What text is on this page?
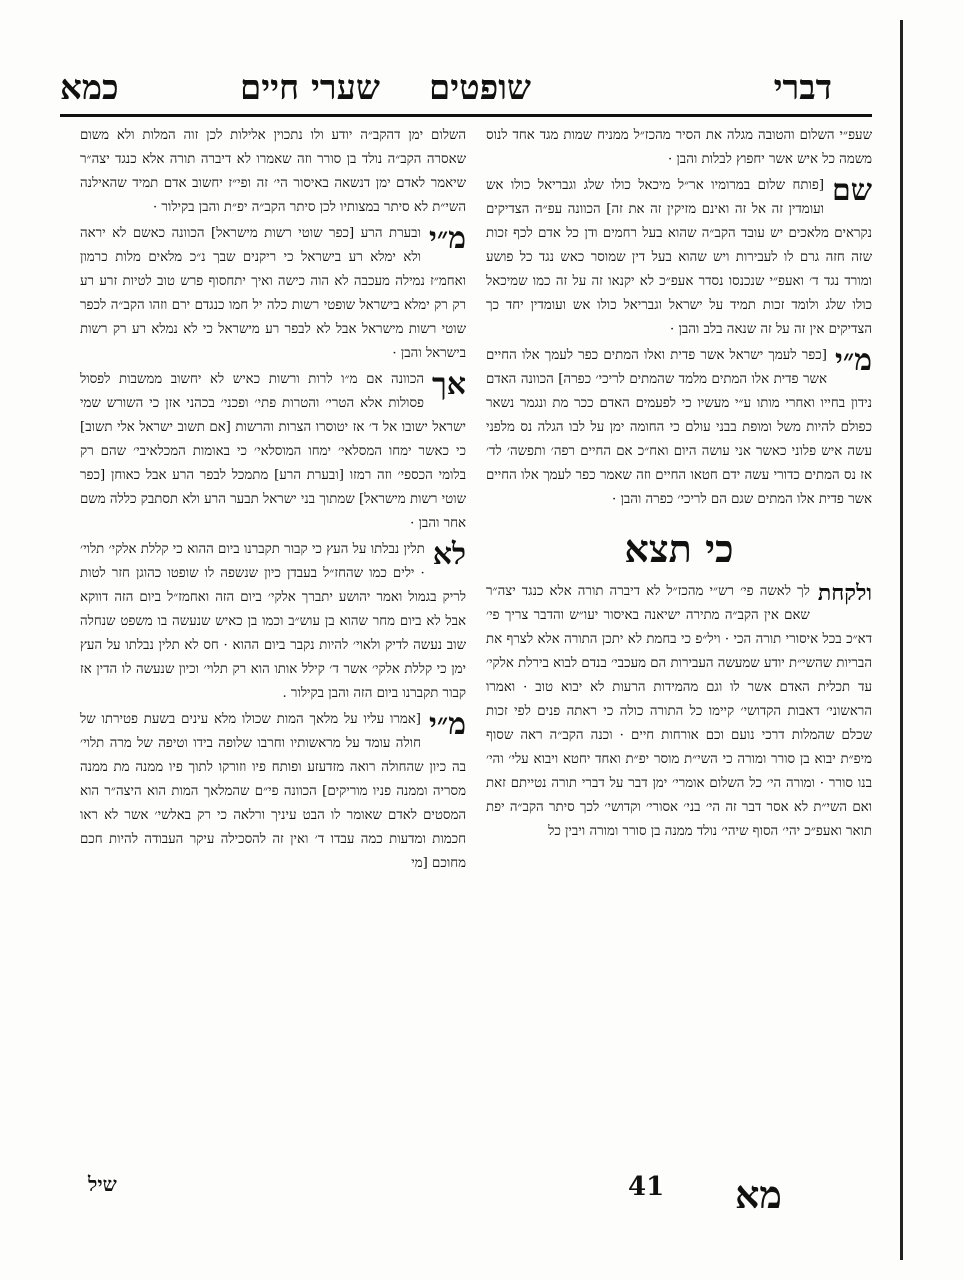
דברי
שופטים
שערי חיים
כמא

שעפ״י השלום והטובה מגלה את הסיר מהכז״ל ממניח שמות מגד אחד לנוס משמה כל איש אשר יחפוץ לבלות והבן ·

שם
[פותח שלום במרומיו אר״ל מיכאל כולו שלג וגבריאל כולו אש ועומדין זה אל זה ואינם מזיקין זה את זה] הכוונה עפ״ה הצדיקים נקראים מלאכים יש עובד הקב״ה שהוא בעל רחמים ודן כל אדם לכף זכות שזה חזה גרם לו לעבירות ויש שהוא בעל דין שמוסר כאש נגד כל פושע ומורד נגד ד׳ ואעפ״י שנכנסו נסדר אעפ״כ לא יקנאו זה על זה כמו שמיכאל כולו שלג ולומד זכות תמיד על ישראל וגבריאל כולו אש ועומדין יחד כך הצדיקים אין זה על זה שנאה בלב והבן ·

מ״י
[כפר לעמך ישראל אשר פדית ואלו המתים כפר לעמך אלו החיים אשר פדית אלו המתים מלמד שהמתים לריכי׳ כפרה] הכוונה האדם נידון בחייו ואחרי מותו ע״י מעשיו כי לפעמים האדם ככר מת ונגמר נשאר כפולם להיות משל ומופת בבני עולם כי החומה ימן על לבו הגלה נס מלפני עשה איש פלוני כאשר אני עושה היום ואח״כ אם החיים רפה׳ ותפשה׳ לד׳ אז נס המתים כדורי עשה ידם חטאו החיים וזה שאמר כפר לעמך אלו החיים אשר פדית אלו המתים שגם הם לריכי׳ כפרה והבן ·

כי תצא

ולקחת
לך לאשה פי׳ רש״י מהכז״ל לא דיברה תורה אלא כנגד יצה״ר שאם אין הקב״ה מתירה ישיאנה באיסור יעו״ש והדבר צריך פי׳ דא״כ בכל איסורי תורה הכי · ויל״פ כי בחמת לא יתכן התורה אלא לצרף את הבריות שהשי״ת יודע שמעשה העבירות הם מעכבי׳ בנדם לבוא בירלת אלקי׳ עד תכלית האדם אשר לו וגם מהמידות הרעות לא יבוא טוב · ואמרו הראשוני׳ דאבות הקדושי׳ קיימו כל התורה כולה כי ראתה פנים לפי זכות שכלם שהמלות דרכי נועם וכם אורחות חיים · וכנה הקב״ה ראה שסוף מיפ״ת יבוא בן סורר ומורה כי השי״ת מוסר יפ״ת ואחד יחטא ויבוא עלי׳ והי׳ בנו סורר · ומורה הי׳ כל השלום אומרי׳ ימן דבר על דברי תורה נטייתם זאת ואם השי״ת לא אסר דבר זה הי׳ בני׳ אסורי׳ וקדושי׳ לכך סיתר הקב״ה יפת תואר ואעפ״כ יהי׳ הסוף שיהי׳ נולד ממנה בן סורר ומורה ויבין כל

השלום ימן דהקב״ה יודע ולו נתכוין אלילות לכן זוה המלות ולא משום שאסרה הקב״ה נולד בן סורר וזה שאמרו לא דיברה תורה אלא כנגד יצה״ר שיאמר לאדם ימן דנשאה באיסור הי׳ זה ופי״ז יחשוב אדם תמיד שהאילנה השי״ת לא סיתר במצותיו לכן סיתר הקב״ה יפ״ת והבן בקילור ·

מ״י
ובערת הרע [כפר שוטי רשות מישראל] הכוונה כאשם לא יראה ולא ימלא רע בישראל כי ריקנים שבך נ״כ מלאים מלות כרמון ואחמ״ז נמילה מעכבה לא הוה כישה ואיך יתחסוף פרש טוב לטיות זרע רע רק רק ימלא בישראל שופטי רשות כלה יל חמו כנגדם ירם וזהו הקב״ה לכפר שוטי רשות מישראל אבל לא לבפר רע מישראל כי לא נמלא רע רק רשות בישראל והבן ·

אך
הכוונה אם מ״ו לרות ורשות כאיש לא יחשוב ממשבות לפסול פסולות אלא הטרי׳ והטרות פתי׳ ופכני׳ בכהני אזן כי השורש שמי ישראל ישובו אל ד׳ אז יטוסרו הצרות והרשות [אם תשוב ישראל אלי תשוב] כי כאשר ימחו המסלאי׳ ימחו המוסלאי׳ כי באומות המכלאיבי׳ שהם רק בלומי הכספי׳ וזה רמזו [ובערת הרע] מתמכל לבפר הרע אבל כאוחן [כפר שוטי רשות מישראל] שמתוך בני ישראל תבער הרע ולא תסתבק כללה משם אחר והבן ·

לא
תלין נבלתו על העץ כי קבור תקברנו ביום ההוא כי קללת אלקי׳ תלוי׳ · ילים כמו שהחז״ל בעבדן כיון שנשפה לו שופטו כהוגן חזר לטות לריק בגמול ואמר יהושע יתברך אלקי׳ ביום הזה ואחמז״ל ביום הזה דווקא אבל לא ביום מחר שהוא בן עוש״ב וכמו בן כאיש שנעשה בו משפט שנחלה שוב נעשה לדיק ולאוי׳ להיות נקבר ביום ההוא · חס לא תלין נבלתו על העץ ימן כי קללת אלקי׳ אשר ד׳ קילל אותו הוא רק תלוי׳ וכיון שנעשה לו הדין אז קבור תקברנו ביום הזה והבן בקילור .

מ״י
[אמרו עליו על מלאך המות שכולו מלא עינים בשעת פטירתו של חולה עומד על מראשותיו וחרבו שלופה בידו וטיפה של מרה תלוי׳ בה כיון שהחולה רואה מזדעזע ופותח פיו וזורקו לתוך פיו ממנה מת ממנה מסריה וממנה פניו מוריקים] הכוונה פי״ם שהמלאך המות הוא היצה״ר הוא המסטים לאדם שאומר לו הבט עיניך ורלאה כי רק באלשי׳ אשר לא ראו חכמות ומדעות כמה עבדו ד׳ ואין זה להסכילה עיקר העבודה להיות חכם מחוכם [מי

41 מא
שיל
